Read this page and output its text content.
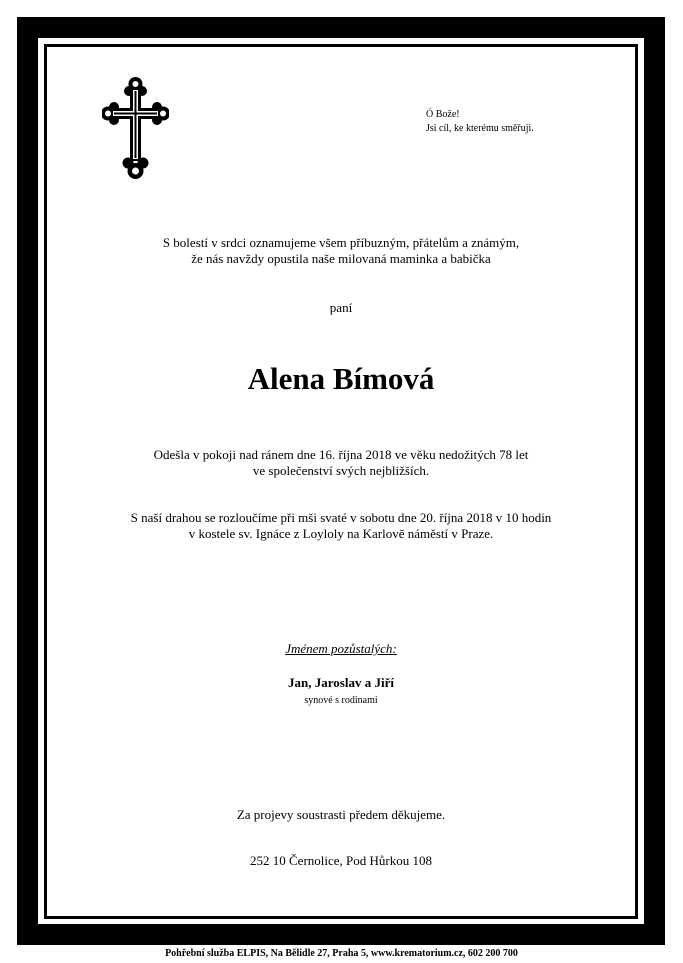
Ó Bože!
Jsi cíl, ke kterému směřuji.
S bolestí v srdci oznamujeme všem příbuzným, přátelům a známým,
že nás navždy opustila naše milovaná maminka a babička
paní
Alena Bímová
Odešla v pokoji nad ránem dne 16. října 2018 ve věku nedožitých 78 let
ve společenství svých nejbližších.
S naší drahou se rozloučíme při mši svaté v sobotu dne 20. října 2018 v 10 hodin
v kostele sv. Ignáce z Loyloly na Karlově náměstí v Praze.
Jménem pozůstalých:
Jan, Jaroslav a Jiří
synové s rodinami
Za projevy soustrasti předem děkujeme.
252 10 Černolice, Pod Hůrkou 108
Pohřební služba ELPIS, Na Bělidle 27, Praha 5, www.krematorium.cz, 602 200 700
